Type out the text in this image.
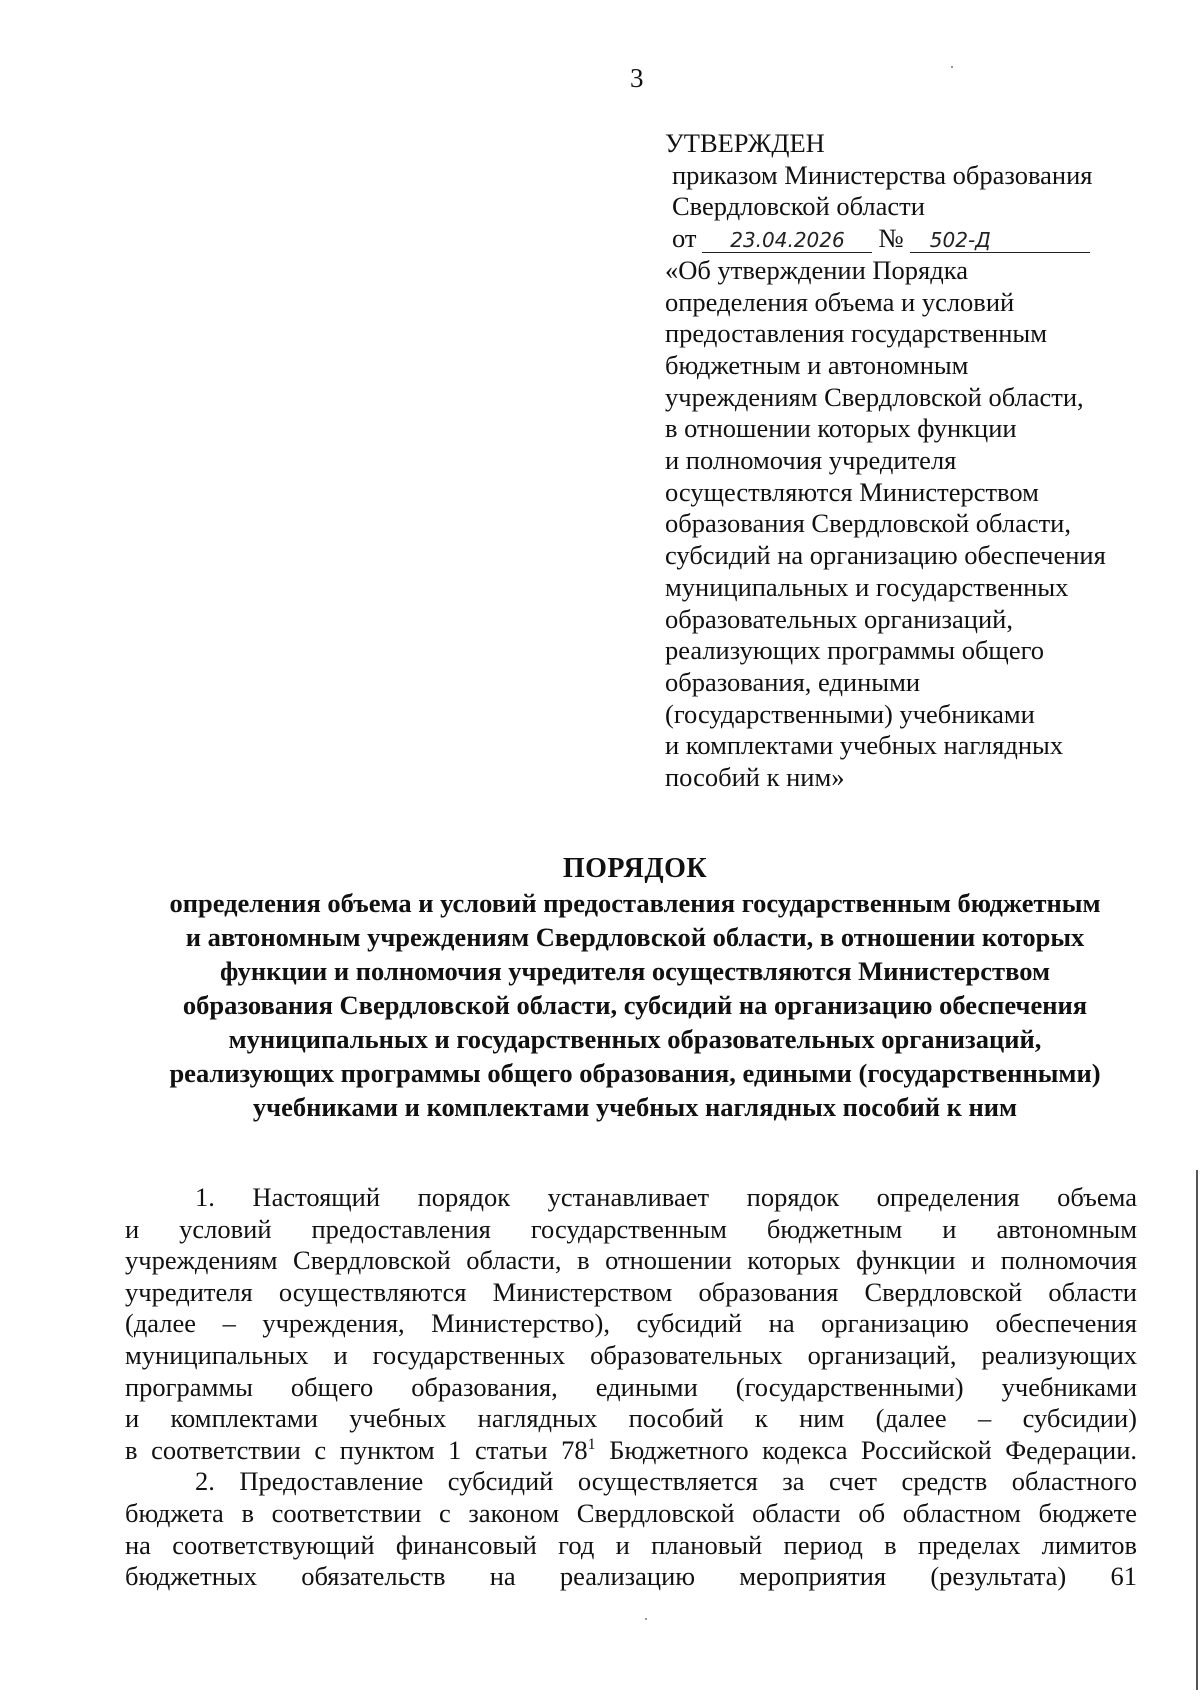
3
УТВЕРЖДЕН
приказом Министерства образования
Свердловской области
от 23.04.2026 № 502-Д
«Об утверждении Порядка
определения объема и условий
предоставления государственным
бюджетным и автономным
учреждениям Свердловской области,
в отношении которых функции
и полномочия учредителя
осуществляются Министерством
образования Свердловской области,
субсидий на организацию обеспечения
муниципальных и государственных
образовательных организаций,
реализующих программы общего
образования, едиными
(государственными) учебниками
и комплектами учебных наглядных
пособий к ним»
ПОРЯДОК
определения объема и условий предоставления государственным бюджетным
и автономным учреждениям Свердловской области, в отношении которых
функции и полномочия учредителя осуществляются Министерством
образования Свердловской области, субсидий на организацию обеспечения
муниципальных и государственных образовательных организаций,
реализующих программы общего образования, едиными (государственными)
учебниками и комплектами учебных наглядных пособий к ним
1. Настоящий порядок устанавливает порядок определения объема
и условий предоставления государственным бюджетным и автономным
учреждениям Свердловской области, в отношении которых функции и полномочия
учредителя осуществляются Министерством образования Свердловской области
(далее – учреждения, Министерство), субсидий на организацию обеспечения
муниципальных и государственных образовательных организаций, реализующих
программы общего образования, едиными (государственными) учебниками
и комплектами учебных наглядных пособий к ним (далее – субсидии)
в соответствии с пунктом 1 статьи $78^1$ Бюджетного кодекса Российской Федерации.
2. Предоставление субсидий осуществляется за счет средств областного
бюджета в соответствии с законом Свердловской области об областном бюджете
на соответствующий финансовый год и плановый период в пределах лимитов
бюджетных обязательств на реализацию мероприятия (результата) 61
